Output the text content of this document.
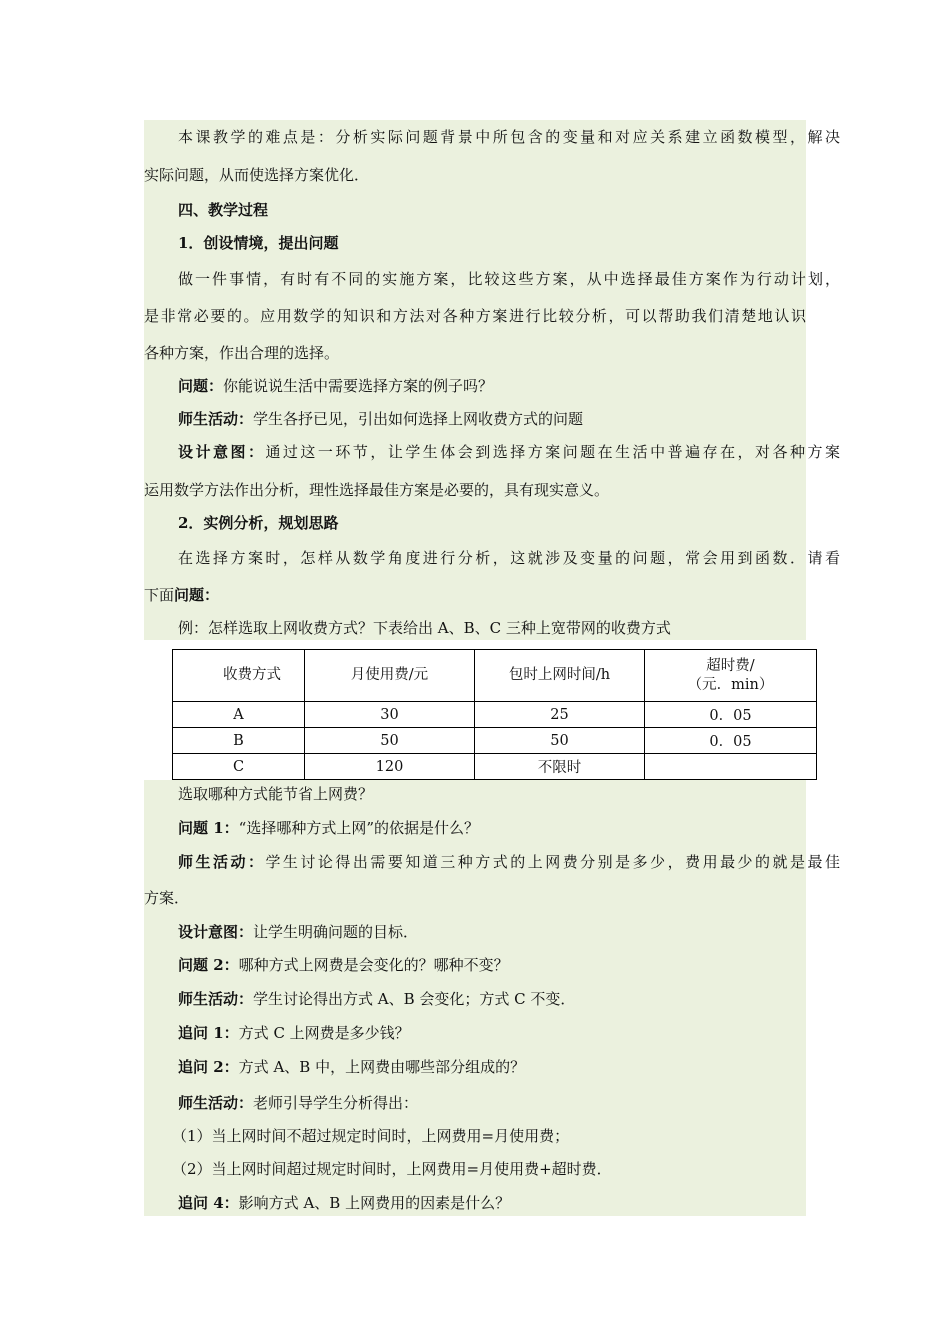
本课教学的难点是：分析实际问题背景中所包含的变量和对应关系建立函数模型，解决
实际问题，从而使选择方案优化．
四、教学过程
1．创设情境，提出问题
做一件事情，有时有不同的实施方案，比较这些方案，从中选择最佳方案作为行动计划，
是非常必要的。应用数学的知识和方法对各种方案进行比较分析，可以帮助我们清楚地认识
各种方案，作出合理的选择。
问题：你能说说生活中需要选择方案的例子吗？
师生活动：学生各抒已见，引出如何选择上网收费方式的问题
设计意图：通过这一环节，让学生体会到选择方案问题在生活中普遍存在，对各种方案
运用数学方法作出分析，理性选择最佳方案是必要的，具有现实意义。
2．实例分析，规划思路
在选择方案时，怎样从数学角度进行分析，这就涉及变量的问题，常会用到函数．请看
下面问题：
例：怎样选取上网收费方式？下表给出 A、B、C 三种上宽带网的收费方式
收费方式	月使用费/元	包时上网时间/h	超时费/
（元．min）
A	30	25	0．05
B	50	50	0．05
C	120	不限时	
选取哪种方式能节省上网费？
问题 1：“选择哪种方式上网”的依据是什么？
师生活动：学生讨论得出需要知道三种方式的上网费分别是多少，费用最少的就是最佳
方案．
设计意图：让学生明确问题的目标．
问题 2：哪种方式上网费是会变化的？哪种不变？
师生活动：学生讨论得出方式 A、B 会变化；方式 C 不变．
追问 1：方式 C 上网费是多少钱？
追问 2：方式 A、B 中，上网费由哪些部分组成的？
师生活动：老师引导学生分析得出：
（1）当上网时间不超过规定时间时，上网费用=月使用费；
（2）当上网时间超过规定时间时，上网费用=月使用费+超时费．
追问 4：影响方式 A、B 上网费用的因素是什么？
